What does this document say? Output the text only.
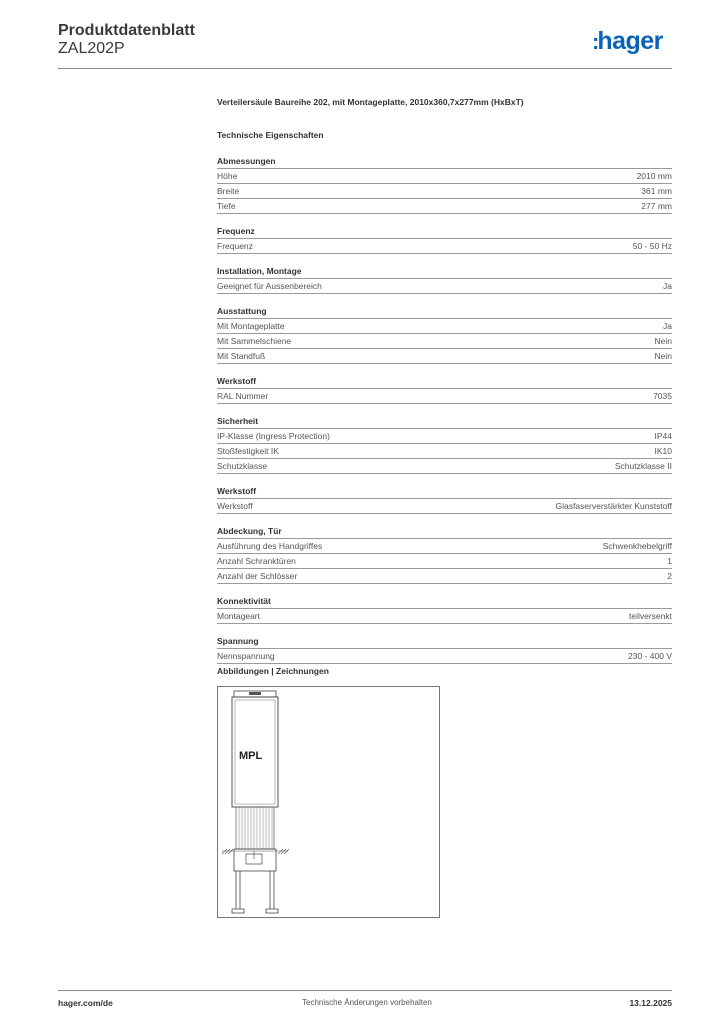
Produktdatenblatt
ZAL202P	:hager
Verteilersäule Baureihe 202, mit Montageplatte, 2010x360,7x277mm (HxBxT)
Technische Eigenschaften
Abmessungen
Höhe	2010 mm
Breite	361 mm
Tiefe	277 mm
Frequenz
Frequenz	50 - 50 Hz
Installation, Montage
Geeignet für Aussenbereich	Ja
Ausstattung
Mit Montageplatte	Ja
Mit Sammelschiene	Nein
Mit Standfuß	Nein
Werkstoff
RAL Nummer	7035
Sicherheit
IP-Klasse (Ingress Protection)	IP44
Stoßfestigkeit IK	IK10
Schutzklasse	Schutzklasse II
Werkstoff
Werkstoff	Glasfaserverstärkter Kunststoff
Abdeckung, Tür
Ausführung des Handgriffes	Schwenkhebelgriff
Anzahl Schranktüren	1
Anzahl der Schlösser	2
Konnektivität
Montageart	teilversenkt
Spannung
Nennspannung	230 - 400 V
Abbildungen | Zeichnungen
MPL
hager.com/de	Technische Änderungen vorbehalten	13.12.2025
